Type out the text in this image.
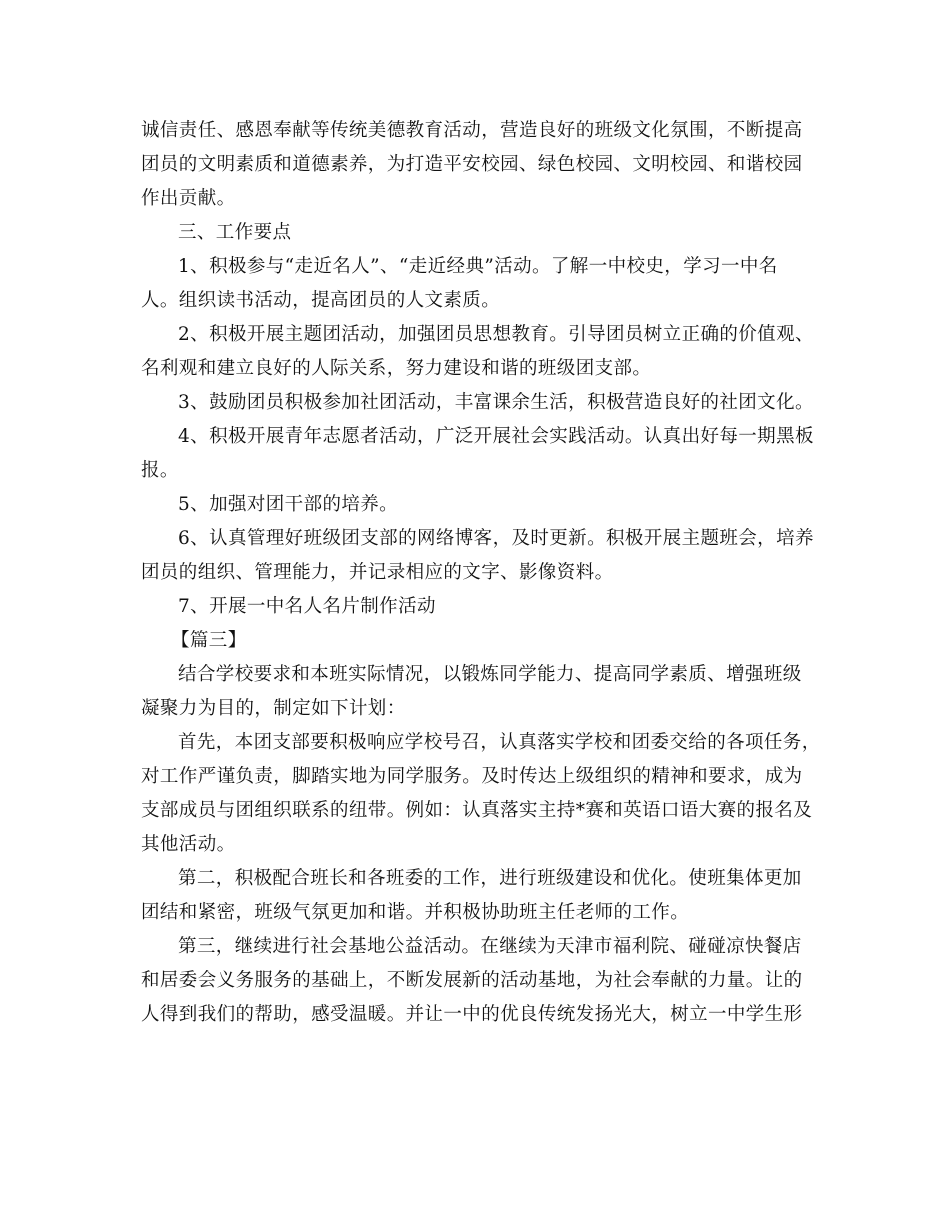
诚信责任、感恩奉献等传统美德教育活动，营造良好的班级文化氛围，不断提高
团员的文明素质和道德素养，为打造平安校园、绿色校园、文明校园、和谐校园
作出贡献。
三、工作要点
1、积极参与“走近名人”、“走近经典”活动。了解一中校史，学习一中名
人。组织读书活动，提高团员的人文素质。
2、积极开展主题团活动，加强团员思想教育。引导团员树立正确的价值观、
名利观和建立良好的人际关系，努力建设和谐的班级团支部。
3、鼓励团员积极参加社团活动，丰富课余生活，积极营造良好的社团文化。
4、积极开展青年志愿者活动，广泛开展社会实践活动。认真出好每一期黑板
报。
5、加强对团干部的培养。
6、认真管理好班级团支部的网络博客，及时更新。积极开展主题班会，培养
团员的组织、管理能力，并记录相应的文字、影像资料。
7、开展一中名人名片制作活动
【篇三】
结合学校要求和本班实际情况，以锻炼同学能力、提高同学素质、增强班级
凝聚力为目的，制定如下计划：
首先，本团支部要积极响应学校号召，认真落实学校和团委交给的各项任务，
对工作严谨负责，脚踏实地为同学服务。及时传达上级组织的精神和要求，成为
支部成员与团组织联系的纽带。例如：认真落实主持*赛和英语口语大赛的报名及
其他活动。
第二，积极配合班长和各班委的工作，进行班级建设和优化。使班集体更加
团结和紧密，班级气氛更加和谐。并积极协助班主任老师的工作。
第三，继续进行社会基地公益活动。在继续为天津市福利院、碰碰凉快餐店
和居委会义务服务的基础上，不断发展新的活动基地，为社会奉献的力量。让的
人得到我们的帮助，感受温暖。并让一中的优良传统发扬光大，树立一中学生形
